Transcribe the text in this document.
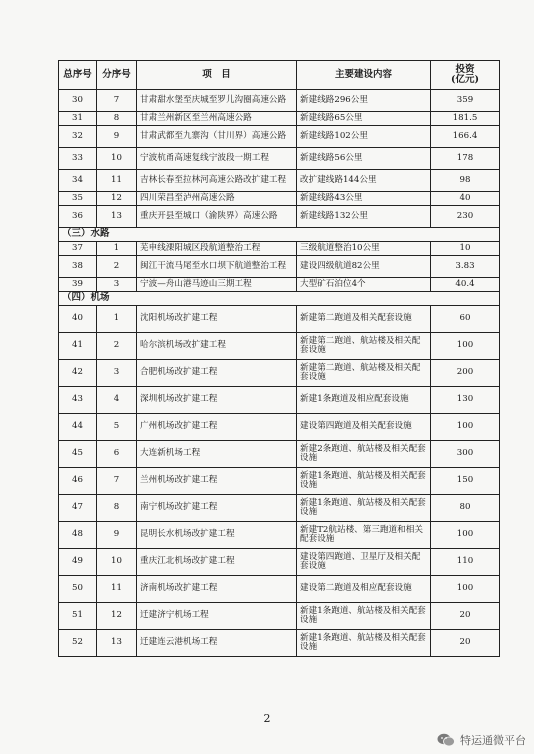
总序号	分序号	项　目	主要建设内容	投资
(亿元)
30	7	甘肃甜水堡至庆城至罗儿沟圈高速公路	新建线路296公里	359
31	8	甘肃兰州新区至兰州高速公路	新建线路65公里	181.5
32	9	甘肃武都至九寨沟（甘川界）高速公路	新建线路102公里	166.4
33	10	宁波杭甬高速复线宁波段一期工程	新建线路56公里	178
34	11	吉林长春至拉林河高速公路改扩建工程	改扩建线路144公里	98
35	12	四川荣昌至泸州高速公路	新建线路43公里	40
36	13	重庆开县至城口（渝陕界）高速公路	新建线路132公里	230
（三）水路				
37	1	芜申线溧阳城区段航道整治工程	三级航道整治10公里	10
38	2	闽江干流马尾至水口坝下航道整治工程	建设四级航道82公里	3.83
39	3	宁波—舟山港马迹山三期工程	大型矿石泊位4个	40.4
（四）机场				
40	1	沈阳机场改扩建工程	新建第二跑道及相关配套设施	60
41	2	哈尔滨机场改扩建工程	新建第二跑道、航站楼及相关配套设施	100
42	3	合肥机场改扩建工程	新建第二跑道、航站楼及相关配套设施	200
43	4	深圳机场改扩建工程	新建1条跑道及相应配套设施	130
44	5	广州机场改扩建工程	建设第四跑道及相关配套设施	100
45	6	大连新机场工程	新建2条跑道、航站楼及相关配套设施	300
46	7	兰州机场改扩建工程	新建1条跑道、航站楼及相关配套设施	150
47	8	南宁机场改扩建工程	新建1条跑道、航站楼及相关配套设施	80
48	9	昆明长水机场改扩建工程	新建T2航站楼、第三跑道和相关配套设施	100
49	10	重庆江北机场改扩建工程	建设第四跑道、卫星厅及相关配套设施	110
50	11	济南机场改扩建工程	建设第二跑道及相应配套设施	100
51	12	迁建济宁机场工程	新建1条跑道、航站楼及相关配套设施	20
52	13	迁建连云港机场工程	新建1条跑道、航站楼及相关配套设施	20
2
特运通微平台
